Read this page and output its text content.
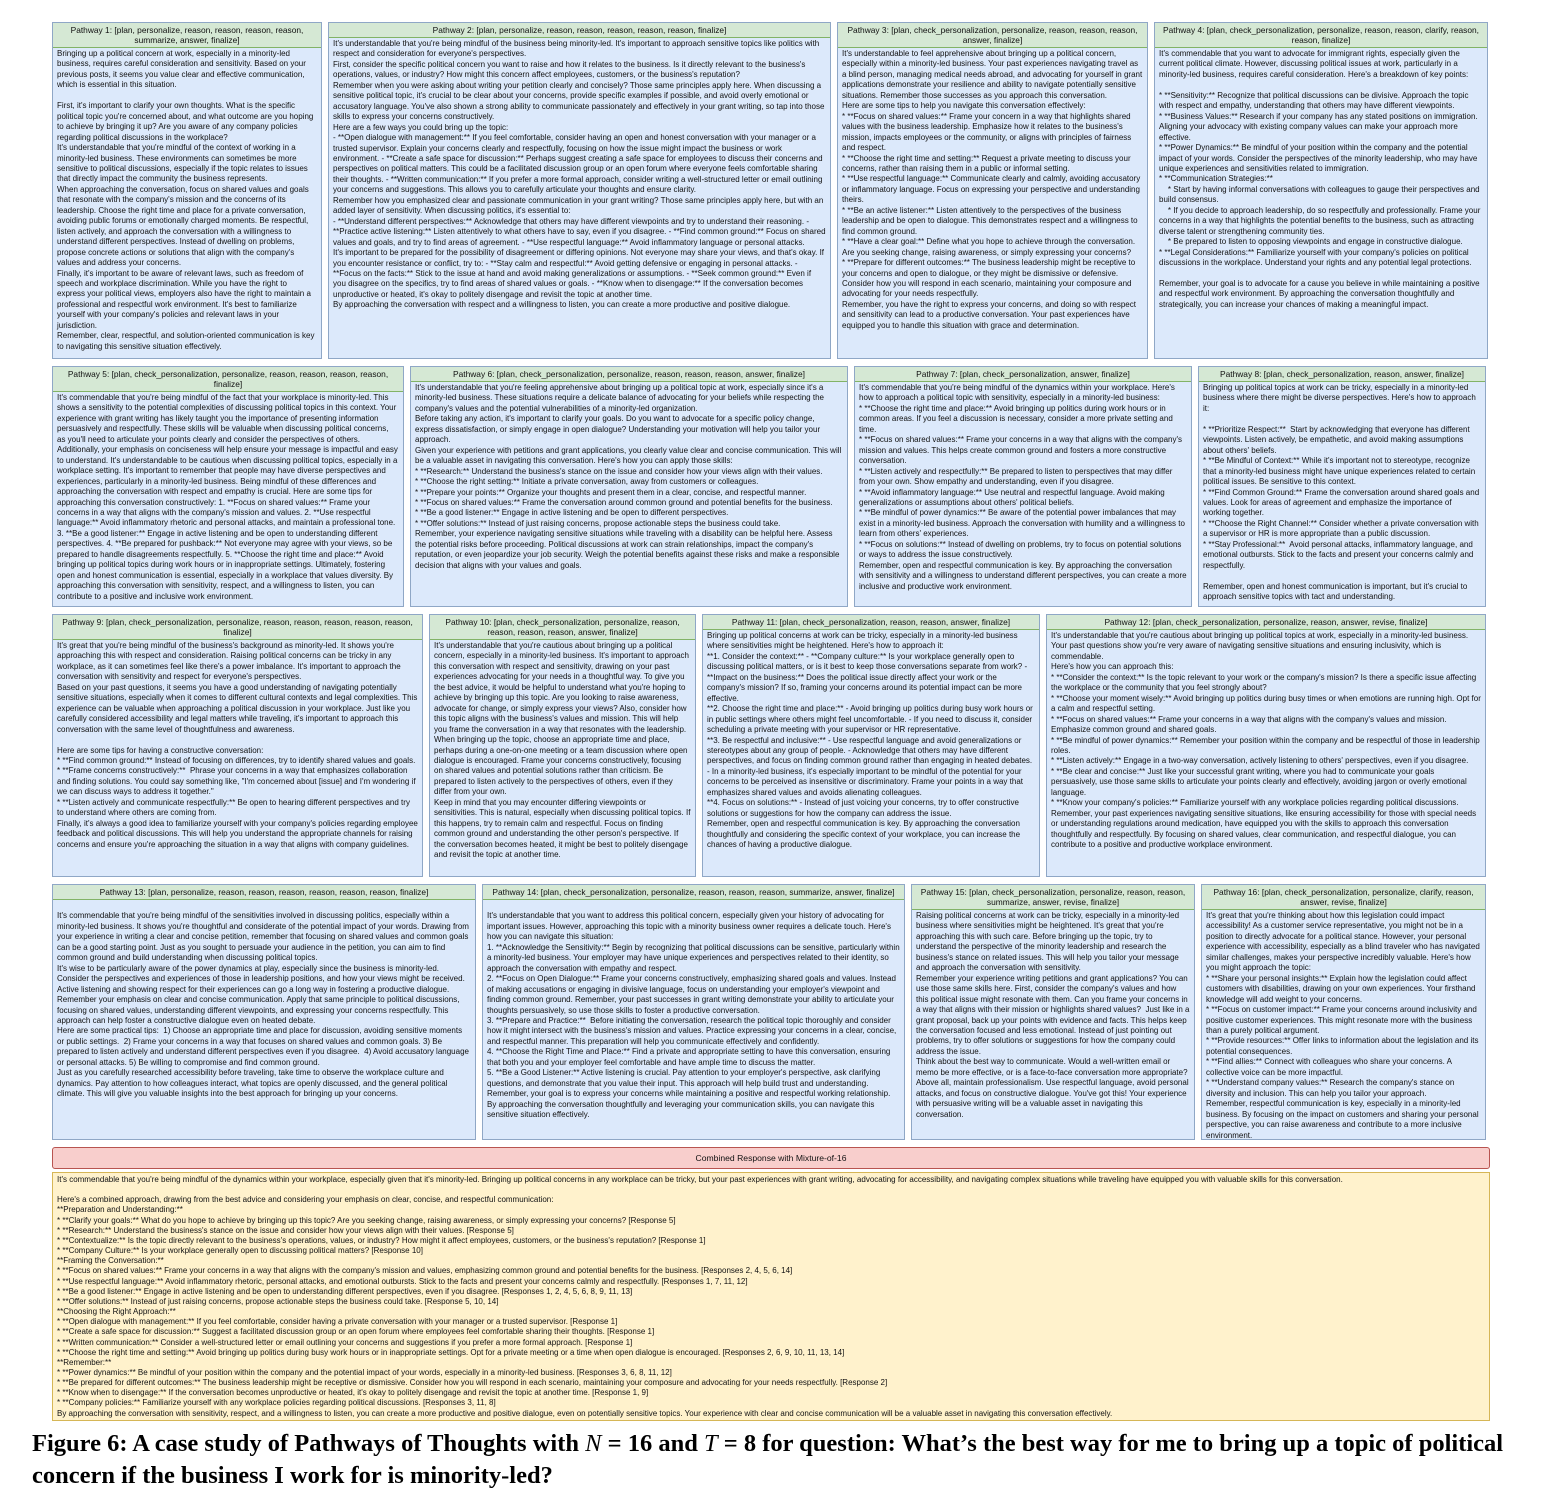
Pathway 1: [plan, personalize, reason, reason, reason, reason, summarize, answer, finalize]
Bringing up a political concern at work, especially in a minority-led business, requires careful consideration and sensitivity. Based on your previous posts, it seems you value clear and effective communication, which is essential in this situation.

First, it's important to clarify your own thoughts. What is the specific political topic you're concerned about, and what outcome are you hoping to achieve by bringing it up? Are you aware of any company policies regarding political discussions in the workplace?
It's understandable that you're mindful of the context of working in a minority-led business. These environments can sometimes be more sensitive to political discussions, especially if the topic relates to issues that directly impact the community the business represents.
When approaching the conversation, focus on shared values and goals that resonate with the company's mission and the concerns of its leadership. Choose the right time and place for a private conversation, avoiding public forums or emotionally charged moments. Be respectful, listen actively, and approach the conversation with a willingness to understand different perspectives. Instead of dwelling on problems, propose concrete actions or solutions that align with the company's values and address your concerns.
Finally, it's important to be aware of relevant laws, such as freedom of speech and workplace discrimination. While you have the right to express your political views, employers also have the right to maintain a professional and respectful work environment. It's best to familiarize yourself with your company's policies and relevant laws in your jurisdiction.
Remember, clear, respectful, and solution-oriented communication is key to navigating this sensitive situation effectively.
Pathway 2: [plan, personalize, reason, reason, reason, reason, reason, finalize]
It's understandable that you're being mindful of the business being minority-led. It's important to approach sensitive topics like politics with respect and consideration for everyone's perspectives.
First, consider the specific political concern you want to raise and how it relates to the business. Is it directly relevant to the business's operations, values, or industry? How might this concern affect employees, customers, or the business's reputation?
Remember when you were asking about writing your petition clearly and concisely? Those same principles apply here. When discussing a sensitive political topic, it's crucial to be clear about your concerns, provide specific examples if possible, and avoid overly emotional or accusatory language. You've also shown a strong ability to communicate passionately and effectively in your grant writing, so tap into those skills to express your concerns constructively.
Here are a few ways you could bring up the topic:
- **Open dialogue with management:** If you feel comfortable, consider having an open and honest conversation with your manager or a trusted supervisor. Explain your concerns clearly and respectfully, focusing on how the issue might impact the business or work environment. - **Create a safe space for discussion:** Perhaps suggest creating a safe space for employees to discuss their concerns and perspectives on political matters. This could be a facilitated discussion group or an open forum where everyone feels comfortable sharing their thoughts. - **Written communication:** If you prefer a more formal approach, consider writing a well-structured letter or email outlining your concerns and suggestions. This allows you to carefully articulate your thoughts and ensure clarity.
Remember how you emphasized clear and passionate communication in your grant writing? Those same principles apply here, but with an added layer of sensitivity. When discussing politics, it's essential to:
- **Understand different perspectives:** Acknowledge that others may have different viewpoints and try to understand their reasoning. - **Practice active listening:** Listen attentively to what others have to say, even if you disagree. - **Find common ground:** Focus on shared values and goals, and try to find areas of agreement. - **Use respectful language:** Avoid inflammatory language or personal attacks.
It's important to be prepared for the possibility of disagreement or differing opinions. Not everyone may share your views, and that's okay. If you encounter resistance or conflict, try to: - **Stay calm and respectful:** Avoid getting defensive or engaging in personal attacks. - **Focus on the facts:** Stick to the issue at hand and avoid making generalizations or assumptions. - **Seek common ground:** Even if you disagree on the specifics, try to find areas of shared values or goals. - **Know when to disengage:** If the conversation becomes unproductive or heated, it's okay to politely disengage and revisit the topic at another time.
By approaching the conversation with respect and a willingness to listen, you can create a more productive and positive dialogue.
Pathway 3: [plan, check_personalization, personalize, reason, reason, reason, answer, finalize]
It's understandable to feel apprehensive about bringing up a political concern, especially within a minority-led business. Your past experiences navigating travel as a blind person, managing medical needs abroad, and advocating for yourself in grant applications demonstrate your resilience and ability to navigate potentially sensitive situations. Remember those successes as you approach this conversation.
Here are some tips to help you navigate this conversation effectively:
* **Focus on shared values:** Frame your concern in a way that highlights shared values with the business leadership. Emphasize how it relates to the business's mission, impacts employees or the community, or aligns with principles of fairness and respect.
* **Choose the right time and setting:** Request a private meeting to discuss your concerns, rather than raising them in a public or informal setting.
* **Use respectful language:** Communicate clearly and calmly, avoiding accusatory or inflammatory language. Focus on expressing your perspective and understanding theirs.
* **Be an active listener:** Listen attentively to the perspectives of the business leadership and be open to dialogue. This demonstrates respect and a willingness to find common ground.
* **Have a clear goal:** Define what you hope to achieve through the conversation. Are you seeking change, raising awareness, or simply expressing your concerns?
* **Prepare for different outcomes:** The business leadership might be receptive to your concerns and open to dialogue, or they might be dismissive or defensive. Consider how you will respond in each scenario, maintaining your composure and advocating for your needs respectfully.
Remember, you have the right to express your concerns, and doing so with respect and sensitivity can lead to a productive conversation. Your past experiences have equipped you to handle this situation with grace and determination.
Pathway 4: [plan, check_personalization, personalize, reason, reason, clarify, reason, reason, finalize]
It's commendable that you want to advocate for immigrant rights, especially given the current political climate. However, discussing political issues at work, particularly in a minority-led business, requires careful consideration. Here's a breakdown of key points:

* **Sensitivity:** Recognize that political discussions can be divisive. Approach the topic with respect and empathy, understanding that others may have different viewpoints.
* **Business Values:** Research if your company has any stated positions on immigration. Aligning your advocacy with existing company values can make your approach more effective.
* **Power Dynamics:** Be mindful of your position within the company and the potential impact of your words. Consider the perspectives of the minority leadership, who may have unique experiences and sensitivities related to immigration.
* **Communication Strategies:**
* Start by having informal conversations with colleagues to gauge their perspectives and build consensus.
* If you decide to approach leadership, do so respectfully and professionally. Frame your concerns in a way that highlights the potential benefits to the business, such as attracting diverse talent or strengthening community ties.
* Be prepared to listen to opposing viewpoints and engage in constructive dialogue.
* **Legal Considerations:** Familiarize yourself with your company's policies on political discussions in the workplace. Understand your rights and any potential legal protections.

Remember, your goal is to advocate for a cause you believe in while maintaining a positive and respectful work environment. By approaching the conversation thoughtfully and strategically, you can increase your chances of making a meaningful impact.
Pathway 5: [plan, check_personalization, personalize, reason, reason, reason, reason, finalize]
It's commendable that you're being mindful of the fact that your workplace is minority-led. This shows a sensitivity to the potential complexities of discussing political topics in this context. Your experience with grant writing has likely taught you the importance of presenting information persuasively and respectfully. These skills will be valuable when discussing political concerns, as you'll need to articulate your points clearly and consider the perspectives of others. Additionally, your emphasis on conciseness will help ensure your message is impactful and easy to understand. It's understandable to be cautious when discussing political topics, especially in a workplace setting. It's important to remember that people may have diverse perspectives and experiences, particularly in a minority-led business. Being mindful of these differences and approaching the conversation with respect and empathy is crucial. Here are some tips for approaching this conversation constructively: 1. **Focus on shared values:** Frame your concerns in a way that aligns with the company's mission and values. 2. **Use respectful language:** Avoid inflammatory rhetoric and personal attacks, and maintain a professional tone. 3. **Be a good listener:** Engage in active listening and be open to understanding different perspectives. 4. **Be prepared for pushback:** Not everyone may agree with your views, so be prepared to handle disagreements respectfully. 5. **Choose the right time and place:** Avoid bringing up political topics during work hours or in inappropriate settings. Ultimately, fostering open and honest communication is essential, especially in a workplace that values diversity. By approaching this conversation with sensitivity, respect, and a willingness to listen, you can contribute to a positive and inclusive work environment.
Pathway 6: [plan, check_personalization, personalize, reason, reason, reason, answer, finalize]
It's understandable that you're feeling apprehensive about bringing up a political topic at work, especially since it's a minority-led business. These situations require a delicate balance of advocating for your beliefs while respecting the company's values and the potential vulnerabilities of a minority-led organization.
Before taking any action, it's important to clarify your goals. Do you want to advocate for a specific policy change, express dissatisfaction, or simply engage in open dialogue? Understanding your motivation will help you tailor your approach.
Given your experience with petitions and grant applications, you clearly value clear and concise communication. This will be a valuable asset in navigating this conversation. Here's how you can apply those skills:
* **Research:** Understand the business's stance on the issue and consider how your views align with their values.
* **Choose the right setting:** Initiate a private conversation, away from customers or colleagues.
* **Prepare your points:** Organize your thoughts and present them in a clear, concise, and respectful manner.
* **Focus on shared values:** Frame the conversation around common ground and potential benefits for the business.
* **Be a good listener:** Engage in active listening and be open to different perspectives.
* **Offer solutions:** Instead of just raising concerns, propose actionable steps the business could take.
Remember, your experience navigating sensitive situations while traveling with a disability can be helpful here. Assess the potential risks before proceeding. Political discussions at work can strain relationships, impact the company's reputation, or even jeopardize your job security. Weigh the potential benefits against these risks and make a responsible decision that aligns with your values and goals.
Pathway 7: [plan, check_personalization, answer, finalize]
It's commendable that you're being mindful of the dynamics within your workplace. Here's how to approach a political topic with sensitivity, especially in a minority-led business:
* **Choose the right time and place:** Avoid bringing up politics during work hours or in common areas. If you feel a discussion is necessary, consider a more private setting and time.
* **Focus on shared values:** Frame your concerns in a way that aligns with the company's mission and values. This helps create common ground and fosters a more constructive conversation.
* **Listen actively and respectfully:** Be prepared to listen to perspectives that may differ from your own. Show empathy and understanding, even if you disagree.
* **Avoid inflammatory language:** Use neutral and respectful language. Avoid making generalizations or assumptions about others' political beliefs.
* **Be mindful of power dynamics:** Be aware of the potential power imbalances that may exist in a minority-led business. Approach the conversation with humility and a willingness to learn from others' experiences.
* **Focus on solutions:** Instead of dwelling on problems, try to focus on potential solutions or ways to address the issue constructively.
Remember, open and respectful communication is key. By approaching the conversation with sensitivity and a willingness to understand different perspectives, you can create a more inclusive and productive work environment.
Pathway 8: [plan, check_personalization, reason, answer, finalize]
Bringing up political topics at work can be tricky, especially in a minority-led business where there might be diverse perspectives. Here's how to approach it:

* **Prioritize Respect:**  Start by acknowledging that everyone has different viewpoints. Listen actively, be empathetic, and avoid making assumptions about others' beliefs.
* **Be Mindful of Context:** While it's important not to stereotype, recognize that a minority-led business might have unique experiences related to certain political issues. Be sensitive to this context.
* **Find Common Ground:** Frame the conversation around shared goals and values. Look for areas of agreement and emphasize the importance of working together.
* **Choose the Right Channel:** Consider whether a private conversation with a supervisor or HR is more appropriate than a public discussion.
* **Stay Professional:**  Avoid personal attacks, inflammatory language, and emotional outbursts. Stick to the facts and present your concerns calmly and respectfully.

Remember, open and honest communication is important, but it's crucial to approach sensitive topics with tact and understanding.
Pathway 9: [plan, check_personalization, personalize, reason, reason, reason, reason, reason, finalize]
It's great that you're being mindful of the business's background as minority-led. It shows you're approaching this with respect and consideration. Raising political concerns can be tricky in any workplace, as it can sometimes feel like there's a power imbalance. It's important to approach the conversation with sensitivity and respect for everyone's perspectives.
Based on your past questions, it seems you have a good understanding of navigating potentially sensitive situations, especially when it comes to different cultural contexts and legal complexities. This experience can be valuable when approaching a political discussion in your workplace. Just like you carefully considered accessibility and legal matters while traveling, it's important to approach this conversation with the same level of thoughtfulness and awareness.

Here are some tips for having a constructive conversation:
* **Find common ground:** Instead of focusing on differences, try to identify shared values and goals.
* **Frame concerns constructively:**  Phrase your concerns in a way that emphasizes collaboration and finding solutions. You could say something like, "I'm concerned about [issue] and I'm wondering if we can discuss ways to address it together."
* **Listen actively and communicate respectfully:** Be open to hearing different perspectives and try to understand where others are coming from.
Finally, it's always a good idea to familiarize yourself with your company's policies regarding employee feedback and political discussions. This will help you understand the appropriate channels for raising concerns and ensure you're approaching the situation in a way that aligns with company guidelines.
Pathway 10: [plan, check_personalization, personalize, reason, reason, reason, reason, answer, finalize]
It's understandable that you're cautious about bringing up a political concern, especially in a minority-led business. It's important to approach this conversation with respect and sensitivity, drawing on your past experiences advocating for your needs in a thoughtful way. To give you the best advice, it would be helpful to understand what you're hoping to achieve by bringing up this topic. Are you looking to raise awareness, advocate for change, or simply express your views? Also, consider how this topic aligns with the business's values and mission. This will help you frame the conversation in a way that resonates with the leadership.
When bringing up the topic, choose an appropriate time and place, perhaps during a one-on-one meeting or a team discussion where open dialogue is encouraged. Frame your concerns constructively, focusing on shared values and potential solutions rather than criticism. Be prepared to listen actively to the perspectives of others, even if they differ from your own.
Keep in mind that you may encounter differing viewpoints or sensitivities. This is natural, especially when discussing political topics. If this happens, try to remain calm and respectful. Focus on finding common ground and understanding the other person's perspective. If the conversation becomes heated, it might be best to politely disengage and revisit the topic at another time.
Pathway 11: [plan, check_personalization, reason, reason, answer, finalize]
Bringing up political concerns at work can be tricky, especially in a minority-led business where sensitivities might be heightened. Here's how to approach it:
**1. Consider the context:** - **Company culture:** Is your workplace generally open to discussing political matters, or is it best to keep those conversations separate from work? - **Impact on the business:** Does the political issue directly affect your work or the company's mission? If so, framing your concerns around its potential impact can be more effective.
**2. Choose the right time and place:** - Avoid bringing up politics during busy work hours or in public settings where others might feel uncomfortable. - If you need to discuss it, consider scheduling a private meeting with your supervisor or HR representative.
**3. Be respectful and inclusive:** - Use respectful language and avoid generalizations or stereotypes about any group of people. - Acknowledge that others may have different perspectives, and focus on finding common ground rather than engaging in heated debates. - In a minority-led business, it's especially important to be mindful of the potential for your concerns to be perceived as insensitive or discriminatory. Frame your points in a way that emphasizes shared values and avoids alienating colleagues.
**4. Focus on solutions:** - Instead of just voicing your concerns, try to offer constructive solutions or suggestions for how the company can address the issue.
Remember, open and respectful communication is key. By approaching the conversation thoughtfully and considering the specific context of your workplace, you can increase the chances of having a productive dialogue.
Pathway 12: [plan, check_personalization, personalize, reason, answer, revise, finalize]
It's understandable that you're cautious about bringing up political topics at work, especially in a minority-led business. Your past questions show you're very aware of navigating sensitive situations and ensuring inclusivity, which is commendable.
Here's how you can approach this:
* **Consider the context:** Is the topic relevant to your work or the company's mission? Is there a specific issue affecting the workplace or the community that you feel strongly about?
* **Choose your moment wisely:** Avoid bringing up politics during busy times or when emotions are running high. Opt for a calm and respectful setting.
* **Focus on shared values:** Frame your concerns in a way that aligns with the company's values and mission. Emphasize common ground and shared goals.
* **Be mindful of power dynamics:** Remember your position within the company and be respectful of those in leadership roles.
* **Listen actively:** Engage in a two-way conversation, actively listening to others' perspectives, even if you disagree.
* **Be clear and concise:** Just like your successful grant writing, where you had to communicate your goals persuasively, use those same skills to articulate your points clearly and effectively, avoiding jargon or overly emotional language.
* **Know your company's policies:** Familiarize yourself with any workplace policies regarding political discussions.
Remember, your past experiences navigating sensitive situations, like ensuring accessibility for those with special needs or understanding regulations around medication, have equipped you with the skills to approach this conversation thoughtfully and respectfully. By focusing on shared values, clear communication, and respectful dialogue, you can contribute to a positive and productive workplace environment.
Pathway 13: [plan, personalize, reason, reason, reason, reason, reason, reason, finalize]

It's commendable that you're being mindful of the sensitivities involved in discussing politics, especially within a minority-led business. It shows you're thoughtful and considerate of the potential impact of your words. Drawing from your experience in writing a clear and concise petition, remember that focusing on shared values and common goals can be a good starting point. Just as you sought to persuade your audience in the petition, you can aim to find common ground and build understanding when discussing political topics.
It's wise to be particularly aware of the power dynamics at play, especially since the business is minority-led. Consider the perspectives and experiences of those in leadership positions, and how your views might be received. Active listening and showing respect for their experiences can go a long way in fostering a productive dialogue. Remember your emphasis on clear and concise communication. Apply that same principle to political discussions, focusing on shared values, understanding different viewpoints, and expressing your concerns respectfully. This approach can help foster a constructive dialogue even on heated debate.
Here are some practical tips:  1) Choose an appropriate time and place for discussion, avoiding sensitive moments or public settings.  2) Frame your concerns in a way that focuses on shared values and common goals. 3) Be prepared to listen actively and understand different perspectives even if you disagree.  4) Avoid accusatory language or personal attacks. 5) Be willing to compromise and find common ground.
Just as you carefully researched accessibility before traveling, take time to observe the workplace culture and dynamics. Pay attention to how colleagues interact, what topics are openly discussed, and the general political climate. This will give you valuable insights into the best approach for bringing up your concerns.
Pathway 14: [plan, check_personalization, personalize, reason, reason, reason, summarize, answer, finalize]

It's understandable that you want to address this political concern, especially given your history of advocating for important issues. However, approaching this topic with a minority business owner requires a delicate touch. Here's how you can navigate this situation:
1. **Acknowledge the Sensitivity:** Begin by recognizing that political discussions can be sensitive, particularly within a minority-led business. Your employer may have unique experiences and perspectives related to their identity, so approach the conversation with empathy and respect.
2. **Focus on Open Dialogue:** Frame your concerns constructively, emphasizing shared goals and values. Instead of making accusations or engaging in divisive language, focus on understanding your employer's viewpoint and finding common ground. Remember, your past successes in grant writing demonstrate your ability to articulate your thoughts persuasively, so use those skills to foster a productive conversation.
3. **Prepare and Practice:**  Before initiating the conversation, research the political topic thoroughly and consider how it might intersect with the business's mission and values. Practice expressing your concerns in a clear, concise, and respectful manner. This preparation will help you communicate effectively and confidently.
4. **Choose the Right Time and Place:** Find a private and appropriate setting to have this conversation, ensuring that both you and your employer feel comfortable and have ample time to discuss the matter.
5. **Be a Good Listener:** Active listening is crucial. Pay attention to your employer's perspective, ask clarifying questions, and demonstrate that you value their input. This approach will help build trust and understanding. Remember, your goal is to express your concerns while maintaining a positive and respectful working relationship. By approaching the conversation thoughtfully and leveraging your communication skills, you can navigate this sensitive situation effectively.
Pathway 15: [plan, check_personalization, personalize, reason, reason, summarize, answer, revise, finalize]
Raising political concerns at work can be tricky, especially in a minority-led business where sensitivities might be heightened. It's great that you're approaching this with such care. Before bringing up the topic, try to understand the perspective of the minority leadership and research the business's stance on related issues. This will help you tailor your message and approach the conversation with sensitivity.
Remember your experience writing petitions and grant applications? You can use those same skills here. First, consider the company's values and how this political issue might resonate with them. Can you frame your concerns in a way that aligns with their mission or highlights shared values?  Just like in a grant proposal, back up your points with evidence and facts. This helps keep the conversation focused and less emotional. Instead of just pointing out problems, try to offer solutions or suggestions for how the company could address the issue.
Think about the best way to communicate. Would a well-written email or memo be more effective, or is a face-to-face conversation more appropriate?  Above all, maintain professionalism. Use respectful language, avoid personal attacks, and focus on constructive dialogue. You've got this! Your experience with persuasive writing will be a valuable asset in navigating this conversation.
Pathway 16: [plan, check_personalization, personalize, clarify, reason, answer, revise, finalize]
It's great that you're thinking about how this legislation could impact accessibility! As a customer service representative, you might not be in a position to directly advocate for a political stance. However, your personal experience with accessibility, especially as a blind traveler who has navigated similar challenges, makes your perspective incredibly valuable. Here's how you might approach the topic:
* **Share your personal insights:** Explain how the legislation could affect customers with disabilities, drawing on your own experiences. Your firsthand knowledge will add weight to your concerns.
* **Focus on customer impact:** Frame your concerns around inclusivity and positive customer experiences. This might resonate more with the business than a purely political argument.
* **Provide resources:** Offer links to information about the legislation and its potential consequences.
* **Find allies:** Connect with colleagues who share your concerns. A collective voice can be more impactful.
* **Understand company values:** Research the company's stance on diversity and inclusion. This can help you tailor your approach.
Remember, respectful communication is key, especially in a minority-led business. By focusing on the impact on customers and sharing your personal perspective, you can raise awareness and contribute to a more inclusive environment.
Combined Response with Mixture-of-16
It's commendable that you're being mindful of the dynamics within your workplace, especially given that it's minority-led. Bringing up political concerns in any workplace can be tricky, but your past experiences with grant writing, advocating for accessibility, and navigating complex situations while traveling have equipped you with valuable skills for this conversation.

Here's a combined approach, drawing from the best advice and considering your emphasis on clear, concise, and respectful communication:
**Preparation and Understanding:**
* **Clarify your goals:** What do you hope to achieve by bringing up this topic? Are you seeking change, raising awareness, or simply expressing your concerns? [Response 5]
* **Research:** Understand the business's stance on the issue and consider how your views align with their values. [Response 5]
* **Contextualize:** Is the topic directly relevant to the business's operations, values, or industry? How might it affect employees, customers, or the business's reputation? [Response 1]
* **Company Culture:** Is your workplace generally open to discussing political matters? [Response 10]
**Framing the Conversation:**
* **Focus on shared values:** Frame your concerns in a way that aligns with the company's mission and values, emphasizing common ground and potential benefits for the business. [Responses 2, 4, 5, 6, 14]
* **Use respectful language:** Avoid inflammatory rhetoric, personal attacks, and emotional outbursts. Stick to the facts and present your concerns calmly and respectfully. [Responses 1, 7, 11, 12]
* **Be a good listener:** Engage in active listening and be open to understanding different perspectives, even if you disagree. [Responses 1, 2, 4, 5, 6, 8, 9, 11, 13]
* **Offer solutions:** Instead of just raising concerns, propose actionable steps the business could take. [Response 5, 10, 14]
**Choosing the Right Approach:**
* **Open dialogue with management:** If you feel comfortable, consider having a private conversation with your manager or a trusted supervisor. [Response 1]
* **Create a safe space for discussion:** Suggest a facilitated discussion group or an open forum where employees feel comfortable sharing their thoughts. [Response 1]
* **Written communication:** Consider a well-structured letter or email outlining your concerns and suggestions if you prefer a more formal approach. [Response 1]
* **Choose the right time and setting:** Avoid bringing up politics during busy work hours or in inappropriate settings. Opt for a private meeting or a time when open dialogue is encouraged. [Responses 2, 6, 9, 10, 11, 13, 14]
**Remember:**
* **Power dynamics:** Be mindful of your position within the company and the potential impact of your words, especially in a minority-led business. [Responses 3, 6, 8, 11, 12]
* **Be prepared for different outcomes:** The business leadership might be receptive or dismissive. Consider how you will respond in each scenario, maintaining your composure and advocating for your needs respectfully. [Response 2]
* **Know when to disengage:** If the conversation becomes unproductive or heated, it's okay to politely disengage and revisit the topic at another time. [Response 1, 9]
* **Company policies:** Familiarize yourself with any workplace policies regarding political discussions. [Responses 3, 11, 8]
By approaching the conversation with sensitivity, respect, and a willingness to listen, you can create a more productive and positive dialogue, even on potentially sensitive topics. Your experience with clear and concise communication will be a valuable asset in navigating this conversation effectively.
Figure 6: A case study of Pathways of Thoughts with N = 16 and T = 8 for question: What’s the best way for me to bring up a topic of political concern if the business I work for is minority-led?
